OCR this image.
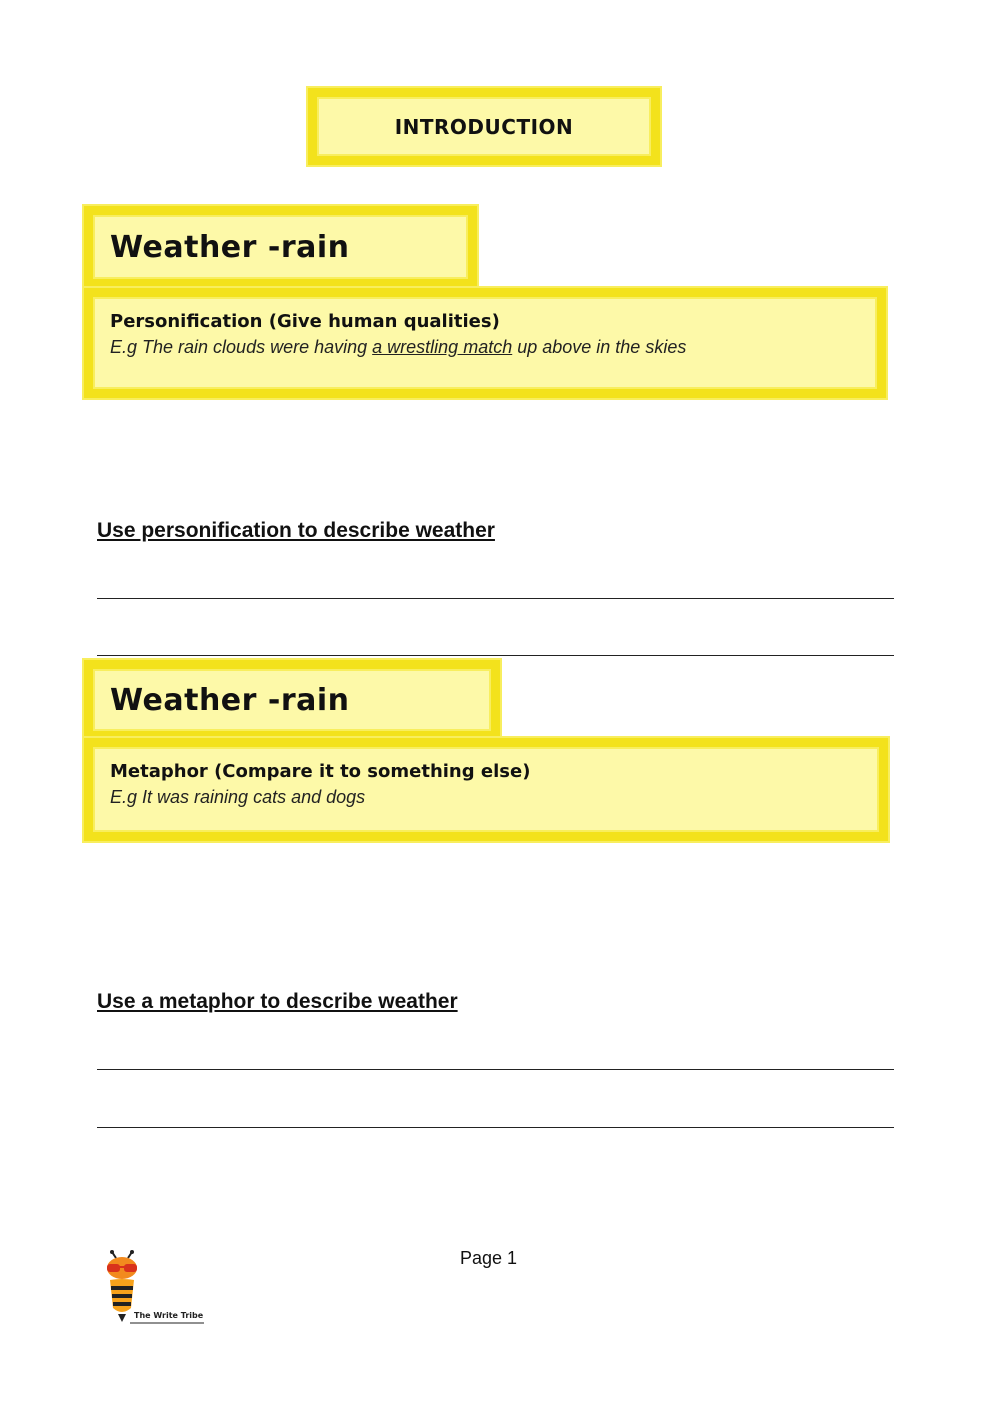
INTRODUCTION
Weather -rain
Personification (Give human qualities)
E.g The rain clouds were having a wrestling match up above in the skies
Use personification to describe weather
Weather -rain
Metaphor (Compare it to something else)
E.g It was raining cats and dogs
Use a metaphor to describe weather
Page 1
The Write Tribe
